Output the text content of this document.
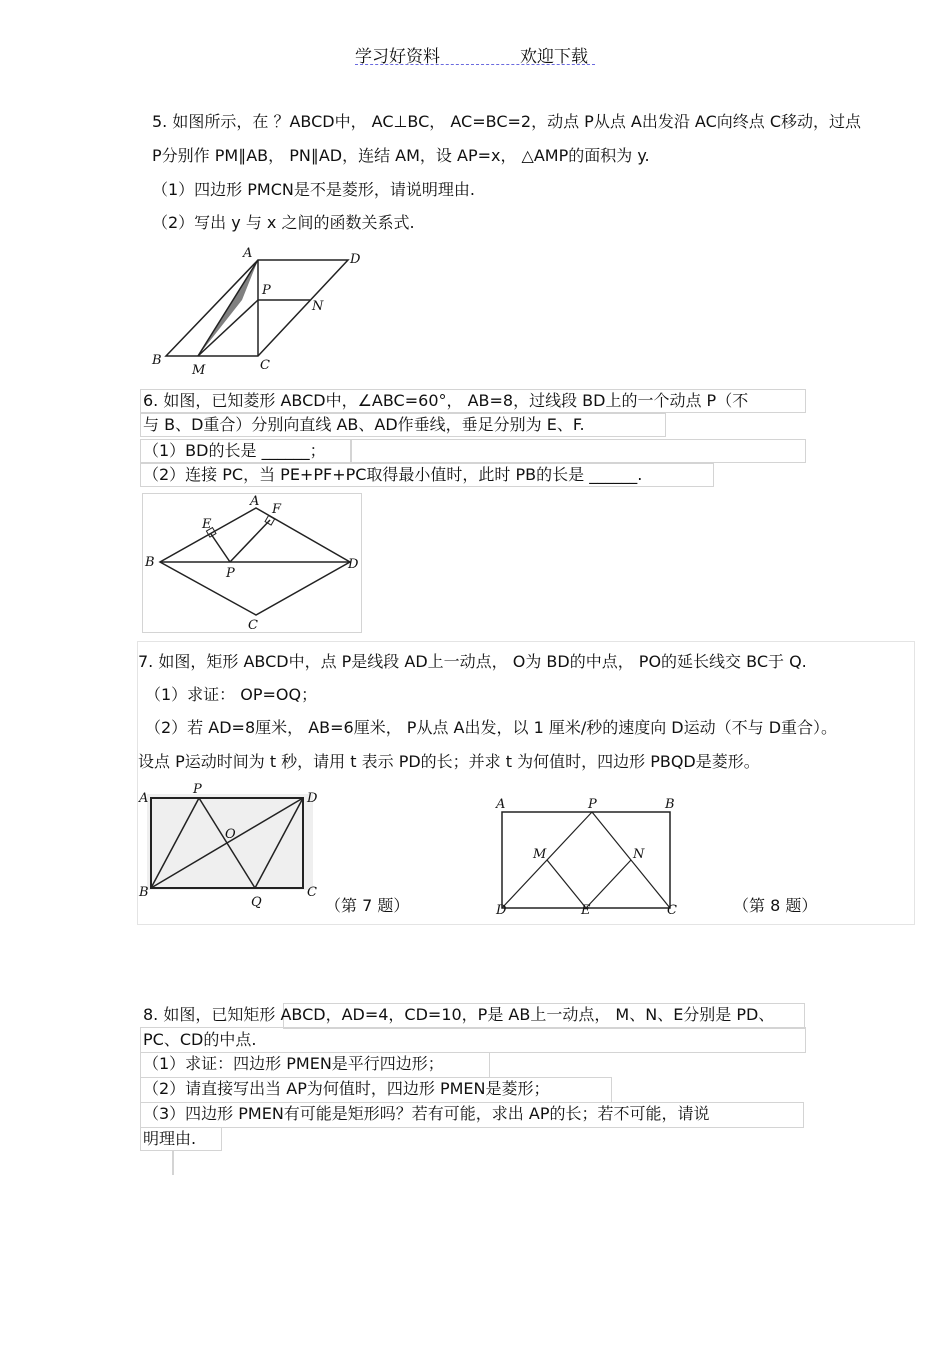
学习好资料	欢迎下载
5. 如图所示，在 ？ABCD中， AC⊥BC， AC=BC=2，动点 P从点 A出发沿 AC向终点 C移动，过点
P分别作 PM∥AB， PN∥AD，连结 AM，设 AP=x， △AMP的面积为 y.
（1）四边形 PMCN是不是菱形，请说明理由.
（2）写出 y 与 x 之间的函数关系式.
A	D
P
N
B
M	C
6. 如图，已知菱形 ABCD中，∠ABC=60°， AB=8，过线段 BD上的一个动点 P（不
与 B、D重合）分别向直线 AB、AD作垂线，垂足分别为 E、F.
（1）BD的长是 ______；
（2）连接 PC，当 PE+PF+PC取得最小值时，此时 PB的长是 ______.
A
F
E
B
P
D
C
7. 如图，矩形 ABCD中，点 P是线段 AD上一动点， O为 BD的中点， PO的延长线交 BC于 Q.
（1）求证： OP=OQ；
（2）若 AD=8厘米， AB=6厘米， P从点 A出发，以 1 厘米/秒的速度向 D运动（不与 D重合）。
设点 P运动时间为 t 秒，请用 t 表示 PD的长；并求 t 为何值时，四边形 PBQD是菱形。
A
P
D
O
B
Q
C
（第 7 题）
A	P	B
M	N
D	E	C	（第 8 题）
8. 如图，已知矩形 ABCD，AD=4，CD=10，P是 AB上一动点， M、N、E分别是 PD、
PC、CD的中点.
（1）求证：四边形 PMEN是平行四边形；
（2）请直接写出当 AP为何值时，四边形 PMEN是菱形；
（3）四边形 PMEN有可能是矩形吗？若有可能，求出 AP的长；若不可能，请说
明理由.
